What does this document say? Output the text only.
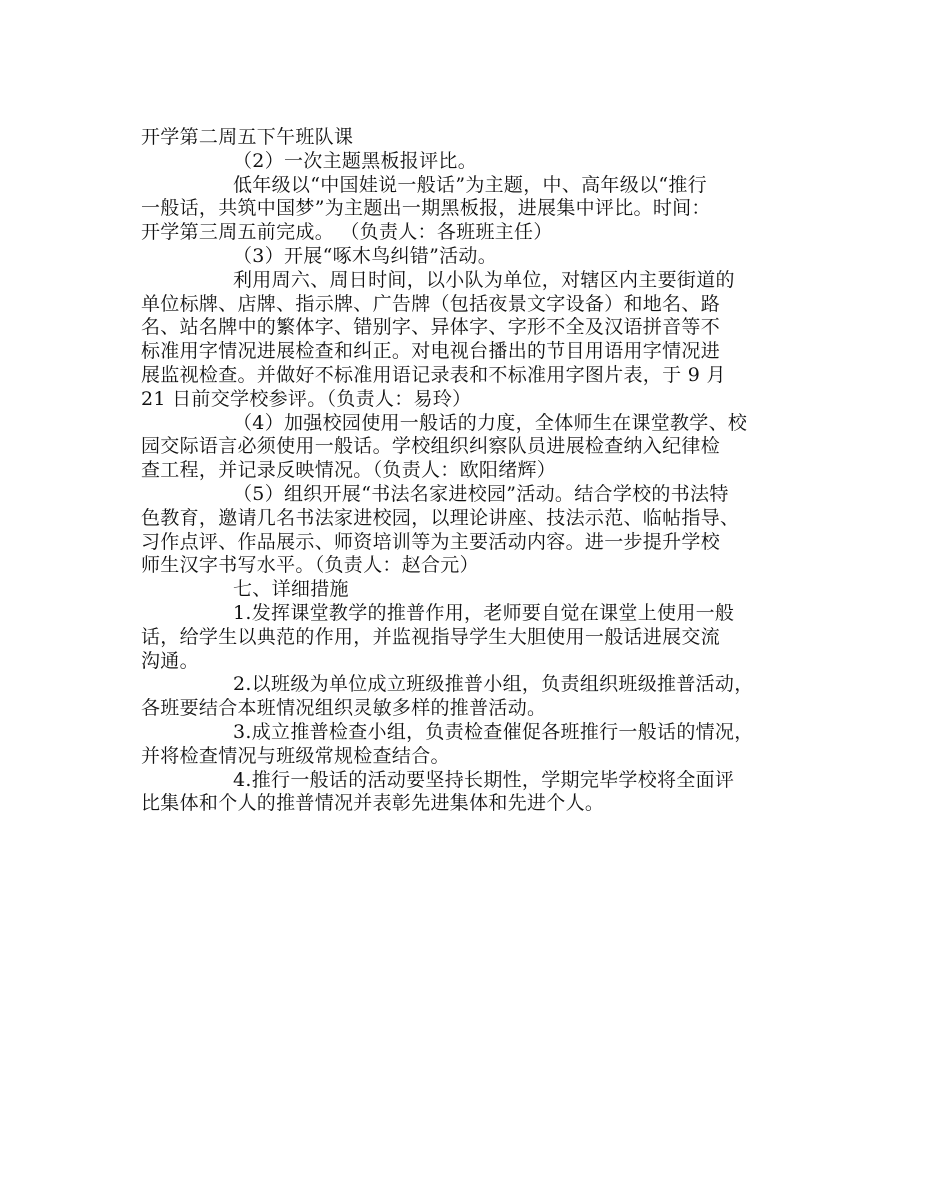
开学第二周五下午班队课
（2）一次主题黑板报评比。
低年级以“中国娃说一般话”为主题，中、高年级以“推行
一般话，共筑中国梦”为主题出一期黑板报，进展集中评比。时间：
开学第三周五前完成。 （负责人：各班班主任）
（3）开展“啄木鸟纠错”活动。
利用周六、周日时间，以小队为单位，对辖区内主要街道的
单位标牌、店牌、指示牌、广告牌（包括夜景文字设备）和地名、路
名、站名牌中的繁体字、错别字、异体字、字形不全及汉语拼音等不
标准用字情况进展检查和纠正。对电视台播出的节目用语用字情况进
展监视检查。并做好不标准用语记录表和不标准用字图片表，于 9 月
21 日前交学校参评。（负责人：易玲）
（4）加强校园使用一般话的力度，全体师生在课堂教学、校
园交际语言必须使用一般话。学校组织纠察队员进展检查纳入纪律检
查工程，并记录反映情况。（负责人：欧阳绪辉）
（5）组织开展“书法名家进校园”活动。结合学校的书法特
色教育，邀请几名书法家进校园，以理论讲座、技法示范、临帖指导、
习作点评、作品展示、师资培训等为主要活动内容。进一步提升学校
师生汉字书写水平。（负责人：赵合元）
七、详细措施
1.发挥课堂教学的推普作用，老师要自觉在课堂上使用一般
话，给学生以典范的作用，并监视指导学生大胆使用一般话进展交流
沟通。
2.以班级为单位成立班级推普小组，负责组织班级推普活动，
各班要结合本班情况组织灵敏多样的推普活动。
3.成立推普检查小组，负责检查催促各班推行一般话的情况，
并将检查情况与班级常规检查结合。
4.推行一般话的活动要坚持长期性，学期完毕学校将全面评
比集体和个人的推普情况并表彰先进集体和先进个人。
